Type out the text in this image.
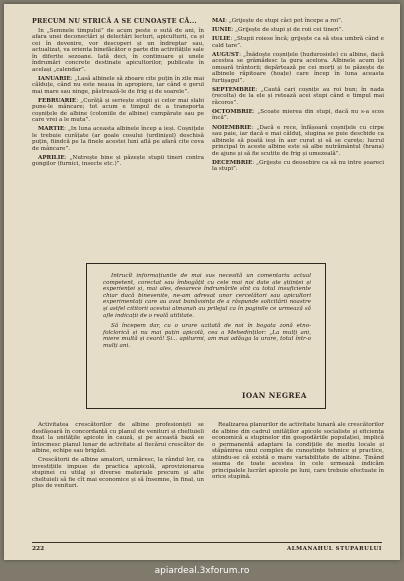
PRECUM NU STRICĂ A SE CUNOAȘTE CĂ...

In „Semnele timpului” de acum peste o sută de ani, în afara unei deconectări și delectări lecturi, apiculturii, ca și cei în devenire, vor descoperi și un îndreptar sau, actualizat, va orienta binefăcător o parte din activitățile sale în diferite sezoane. Iată deci, în continuare și unele îndrumări concrete destinate apicultorilor, publicate în același „calendar”.

IANUARIE: „Lasă albinele să zboare cite puțin în zile mai călduțe, când nu este neaua în apropiere, iar când e gerul mai mare sau ninge, păstrează-le de frig și de soarele”.

FEBRUARIE: „Curăță și seriește stupii și celor mai slabi pune-le mâncare; tot acum e timpul de a transporta coșnițele de albine (coloniile de albine) cumpărate sau pe care vrei a le muta”.

MARTIE: „In luna aceasta albinele încep a ieși. Coșnițele le trebuie curățate (ar goale cosului (urdinișul) deschisă puțin, fiindcă pe la finele acestei luni află pe afară cite ceva de mâncare”.

APRILIE: „Nutrește bine și păzește stupii tineri contra gongilor (furnici, insecte etc.)”.

MAI: „Grijește de stupi căci pot începe a roi”.

IUNIE: „Grijește de stupi și de roii cei tineri”.

IULIE: „Stupii roiese încă; grijește ca să stea umbră când e cald tare”.

AUGUST: „Înădoște coșnițele (hudurosiele) cu albine, dacă acestea se grămădesc la gura acelora. Albinele acum își omoară trântorii; depărtează pe cei morți și te păzește de albinele răpitoare (hoațe) care încep în luna aceasta furtișagul”.

SEPTEMBRIE: „Caută cari coșnițe au roi bun; în nada (recolta) de la ele și retează acei stupi când e timpul mai răcoros”.

OCTOMBRIE: „Scoate mierea din stupi, dacă nu s-a scos încă”.

NOIEMBRIE: „Dacă e rece, înfășoară coșnițele cu cirpe sau paie, iar dacă e mai călduț, slugina se puie deschide ca albinele să poată ieși în aer curat și să se curețe; lucrul principal în aceste albine este să albe nutrământul (hrana) de ajuns și să fie scutite de frig și umezeală”.

DECEMBRIE: „Grijește cu deosebire ca să nu intre șoareci la stupi”.

Intrucît informațiunile de mai sus necesită un comentariu actual competent, corectat sau îmbogățit cu cele mai noi date ale științei și experienței și, mai ales, deoarece îndrumările sînt cu totul insuficiente chiar dacă binevenite, ne-am adresat unor cercetători sau apicultori experimentați care au avut bunăvoința de a răspunde solicitării noastre și astfel cititorii acestui almanah au prilejul ca în paginile ce urmează să afle indicații de o reală utilitate.

Să începem dar, cu o urare uzitată de noi în bogata zonă etno-folclorică și nu mai puțin apicolă, cea a Mehedinților: „La mulți ani, miere multă și ceară! Și... apiturmi, am mai adăuga la urare, totul într-o mulți ani.

IOAN NEGREA

Activitatea crescătorilor de albine profesioniști se desfășoară în concordanță cu planul de venituri și cheltuieli fixat la unitățile apicole în cauză, și pe această bază se întocmesc planul lunar de activitate al fiecărui crescător de albine, echipe sau brigăzi.

Crescătorii de albine amatori, urmăresc, la rândul lor, ca investițiile impuse de practica apicolă, aprovizionarea stupinei cu utilaj și diverse materiale precum și alte cheltuieli să fie cît mai economice și să însemne, în final, un plus de venituri.

Realizarea planurilor de activitate lunară ale crescătorilor de albine din cadrul unităților apicole socialiste și eficiența economică a stupinelor din gospodăriile populației, implică o permanentă adaptare la condițiile de mediu locale și stăpânirea unui complex de cunoștințe tehnice și practice, știindu-se că există o mare variabilitate de albine. Ținând seama de toate acestea în cele urmează indicăm principalele lucrări apicole pe luni, care trebuie efectuate în orice stupină.

222	ALMANAHUL STUPARULUI
apiardeal.3xforum.ro
